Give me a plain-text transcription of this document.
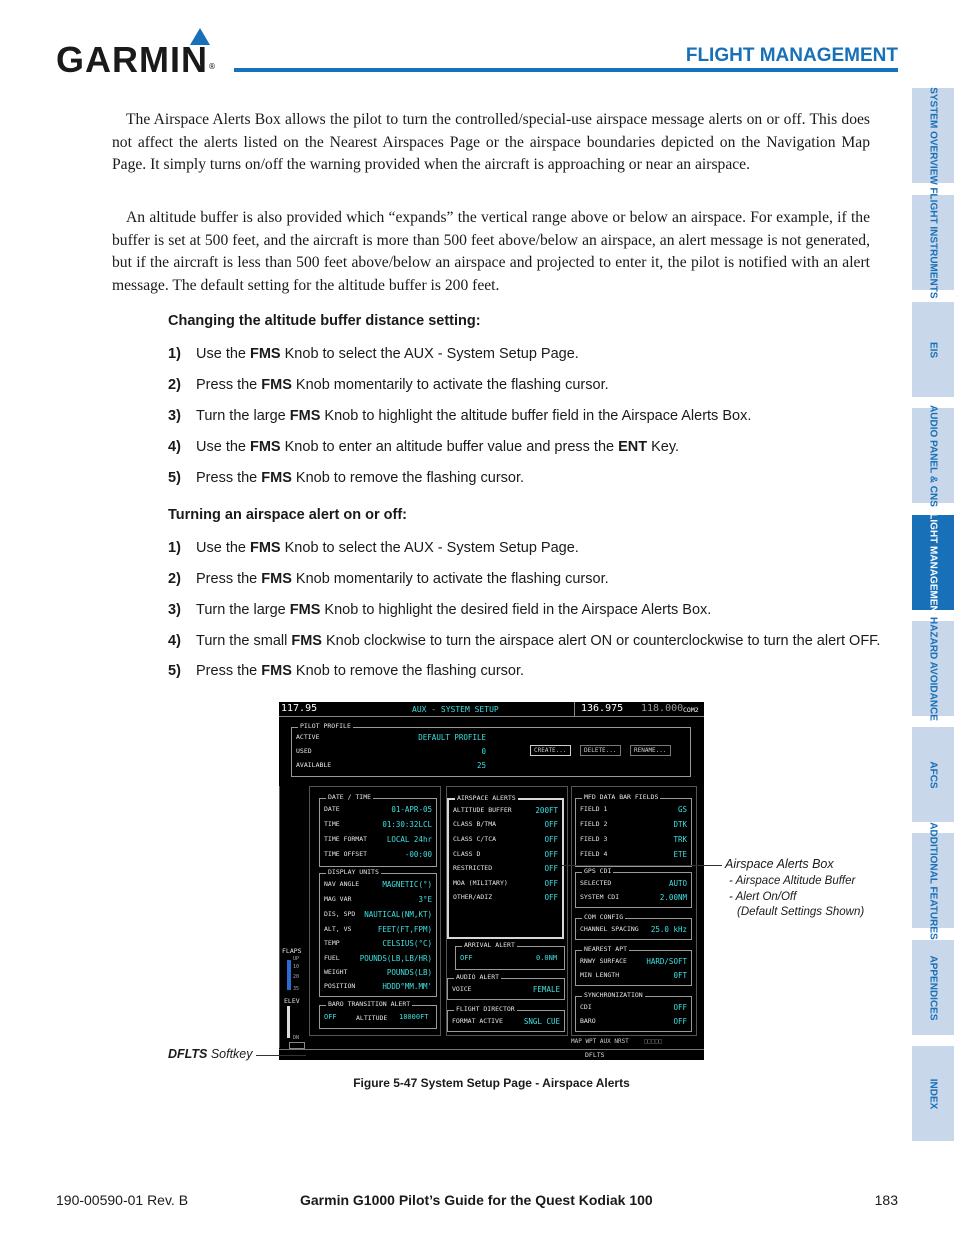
GARMIN ®
FLIGHT MANAGEMENT
The Airspace Alerts Box allows the pilot to turn the controlled/special-use airspace message alerts on or off. This does not affect the alerts listed on the Nearest Airspaces Page or the airspace boundaries depicted on the Navigation Map Page. It simply turns on/off the warning provided when the aircraft is approaching or near an airspace.
An altitude buffer is also provided which “expands” the vertical range above or below an airspace. For example, if the buffer is set at 500 feet, and the aircraft is more than 500 feet above/below an airspace, an alert message is not generated, but if the aircraft is less than 500 feet above/below an airspace and projected to enter it, the pilot is notified with an alert message. The default setting for the altitude buffer is 200 feet.
Changing the altitude buffer distance setting:
1) Use the FMS Knob to select the AUX - System Setup Page.
2) Press the FMS Knob momentarily to activate the flashing cursor.
3) Turn the large FMS Knob to highlight the altitude buffer field in the Airspace Alerts Box.
4) Use the FMS Knob to enter an altitude buffer value and press the ENT Key.
5) Press the FMS Knob to remove the flashing cursor.
Turning an airspace alert on or off:
1) Use the FMS Knob to select the AUX - System Setup Page.
2) Press the FMS Knob momentarily to activate the flashing cursor.
3) Turn the large FMS Knob to highlight the desired field in the Airspace Alerts Box.
4) Turn the small FMS Knob clockwise to turn the airspace alert ON or counterclockwise to turn the alert OFF.
5) Press the FMS Knob to remove the flashing cursor.
SYSTEM OVERVIEW
FLIGHT INSTRUMENTS
EIS
AUDIO PANEL & CNS
FLIGHT MANAGEMENT
HAZARD AVOIDANCE
AFCS
ADDITIONAL FEATURES
APPENDICES
INDEX
117.95	AUX - SYSTEM SETUP	136.975 118.000 COM2
PILOT PROFILE
ACTIVE	DEFAULT PROFILE
USED	0
AVAILABLE	25
CREATE...	DELETE...	RENAME...
FLAPS
UP
10
20
35
ELEV
DN
DATE / TIME
DATE	01-APR-05
TIME	01:30:32LCL
TIME FORMAT	LOCAL 24hr
TIME OFFSET	-00:00
DISPLAY UNITS
NAV ANGLE	MAGNETIC(°)
MAG VAR	3°E
DIS, SPD NAUTICAL(NM,KT)
ALT, VS	FEET(FT,FPM)
TEMP	CELSIUS(°C)
FUEL	POUNDS(LB,LB/HR)
WEIGHT	POUNDS(LB)
POSITION	HDDD°MM.MM'
BARO TRANSITION ALERT
OFF	ALTITUDE 18000FT
AIRSPACE ALERTS
ALTITUDE BUFFER	200FT
CLASS B/TMA	OFF
CLASS C/TCA	OFF
CLASS D	OFF
RESTRICTED	OFF
MOA (MILITARY)	OFF
OTHER/ADIZ	OFF
ARRIVAL ALERT
OFF	0.0NM
AUDIO ALERT
VOICE	FEMALE
FLIGHT DIRECTOR
FORMAT ACTIVE	SNGL CUE
MFD DATA BAR FIELDS
FIELD 1	GS
FIELD 2	DTK
FIELD 3	TRK
FIELD 4	ETE
GPS CDI
SELECTED	AUTO
SYSTEM CDI	2.00NM
COM CONFIG
CHANNEL SPACING 25.0 kHz
NEAREST APT
RNWY SURFACE	HARD/SOFT
MIN LENGTH	0FT
SYNCHRONIZATION
CDI	OFF
BARO	OFF
MAP WPT AUX NRST	□□□□□
DFLTS
Airspace Alerts Box
- Airspace Altitude Buffer
- Alert On/Off
(Default Settings Shown)
DFLTS Softkey
Figure 5-47 System Setup Page - Airspace Alerts
190-00590-01 Rev. B	Garmin G1000 Pilot’s Guide for the Quest Kodiak 100	183
